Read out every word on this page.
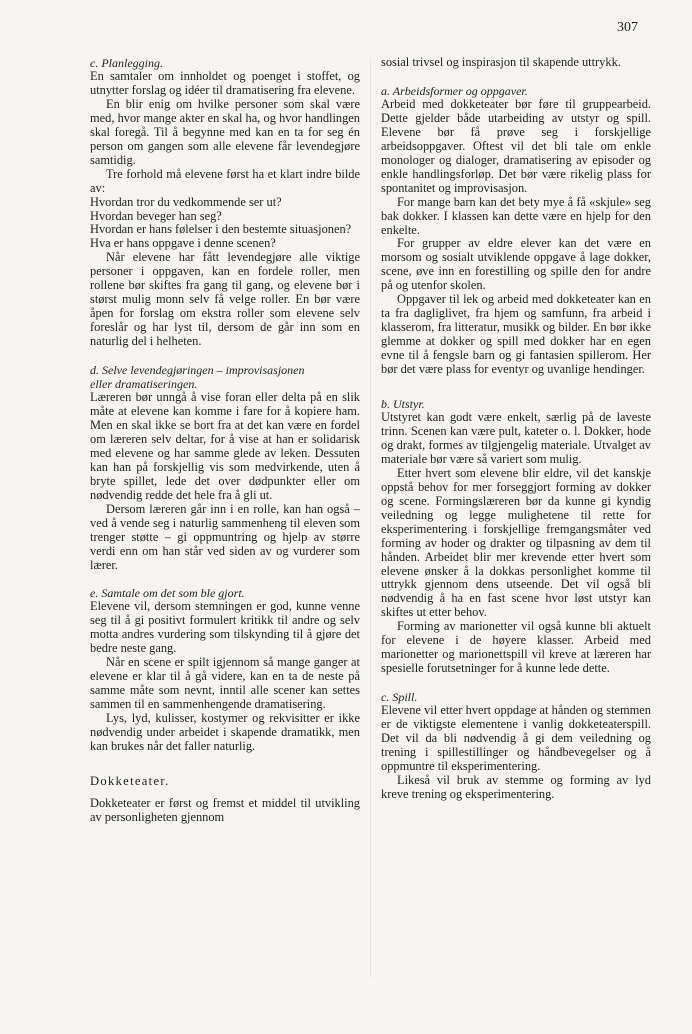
307

c. Planlegging.

En samtaler om innholdet og poenget i stoffet, og utnytter forslag og idéer til dramatisering fra elevene.

En blir enig om hvilke personer som skal være med, hvor mange akter en skal ha, og hvor handlingen skal foregå. Til å begynne med kan en ta for seg én person om gangen som alle elevene får levendegjøre samtidig.

Tre forhold må elevene først ha et klart indre bilde av:

Hvordan tror du vedkommende ser ut?

Hvordan beveger han seg?

Hvordan er hans følelser i den bestemte situasjonen?

Hva er hans oppgave i denne scenen?

Når elevene har fått levendegjøre alle viktige personer i oppgaven, kan en fordele roller, men rollene bør skiftes fra gang til gang, og elevene bør i størst mulig monn selv få velge roller. En bør være åpen for forslag om ekstra roller som elevene selv foreslår og har lyst til, dersom de går inn som en naturlig del i helheten.

d. Selve levendegjøringen – improvisasjonen

eller dramatiseringen.

Læreren bør unngå å vise foran eller delta på en slik måte at elevene kan komme i fare for å kopiere ham. Men en skal ikke se bort fra at det kan være en fordel om læreren selv deltar, for å vise at han er solidarisk med elevene og har samme glede av leken. Dessuten kan han på forskjellig vis som medvirkende, uten å bryte spillet, lede det over dødpunkter eller om nødvendig redde det hele fra å gli ut.

Dersom læreren går inn i en rolle, kan han også – ved å vende seg i naturlig sammenheng til eleven som trenger støtte – gi oppmuntring og hjelp av større verdi enn om han står ved siden av og vurderer som lærer.

e. Samtale om det som ble gjort.

Elevene vil, dersom stemningen er god, kunne venne seg til å gi positivt formulert kritikk til andre og selv motta andres vurdering som tilskynding til å gjøre det bedre neste gang.

Når en scene er spilt igjennom så mange ganger at elevene er klar til å gå videre, kan en ta de neste på samme måte som nevnt, inntil alle scener kan settes sammen til en sammenhengende dramatisering.

Lys, lyd, kulisser, kostymer og rekvisitter er ikke nødvendig under arbeidet i skapende dramatikk, men kan brukes når det faller naturlig.

Dokketeater.

Dokketeater er først og fremst et middel til utvikling av personligheten gjennom

sosial trivsel og inspirasjon til skapende uttrykk.

a. Arbeidsformer og oppgaver.

Arbeid med dokketeater bør føre til gruppearbeid. Dette gjelder både utarbeiding av utstyr og spill. Elevene bør få prøve seg i forskjellige arbeidsoppgaver. Oftest vil det bli tale om enkle monologer og dialoger, dramatisering av episoder og enkle handlingsforløp. Det bør være rikelig plass for spontanitet og improvisasjon.

For mange barn kan det bety mye å få «skjule» seg bak dokker. I klassen kan dette være en hjelp for den enkelte.

For grupper av eldre elever kan det være en morsom og sosialt utviklende oppgave å lage dokker, scene, øve inn en forestilling og spille den for andre på og utenfor skolen.

Oppgaver til lek og arbeid med dokketeater kan en ta fra dagliglivet, fra hjem og samfunn, fra arbeid i klasserom, fra litteratur, musikk og bilder. En bør ikke glemme at dokker og spill med dokker har en egen evne til å fengsle barn og gi fantasien spillerom. Her bør det være plass for eventyr og uvanlige hendinger.

b. Utstyr.

Utstyret kan godt være enkelt, særlig på de laveste trinn. Scenen kan være pult, kateter o. l. Dokker, hode og drakt, formes av tilgjengelig materiale. Utvalget av materiale bør være så variert som mulig.

Etter hvert som elevene blir eldre, vil det kanskje oppstå behov for mer forseggjort forming av dokker og scene. Formingslæreren bør da kunne gi kyndig veiledning og legge mulighetene til rette for eksperimentering i forskjellige fremgangsmåter ved forming av hoder og drakter og tilpasning av dem til hånden. Arbeidet blir mer krevende etter hvert som elevene ønsker å la dokkas personlighet komme til uttrykk gjennom dens utseende. Det vil også bli nødvendig å ha en fast scene hvor løst utstyr kan skiftes ut etter behov.

Forming av marionetter vil også kunne bli aktuelt for elevene i de høyere klasser. Arbeid med marionetter og marionettspill vil kreve at læreren har spesielle forutsetninger for å kunne lede dette.

c. Spill.

Elevene vil etter hvert oppdage at hånden og stemmen er de viktigste elementene i vanlig dokketeaterspill. Det vil da bli nødvendig å gi dem veiledning og trening i spillestillinger og håndbevegelser og å oppmuntre til eksperimentering.

Likeså vil bruk av stemme og forming av lyd kreve trening og eksperimentering.
